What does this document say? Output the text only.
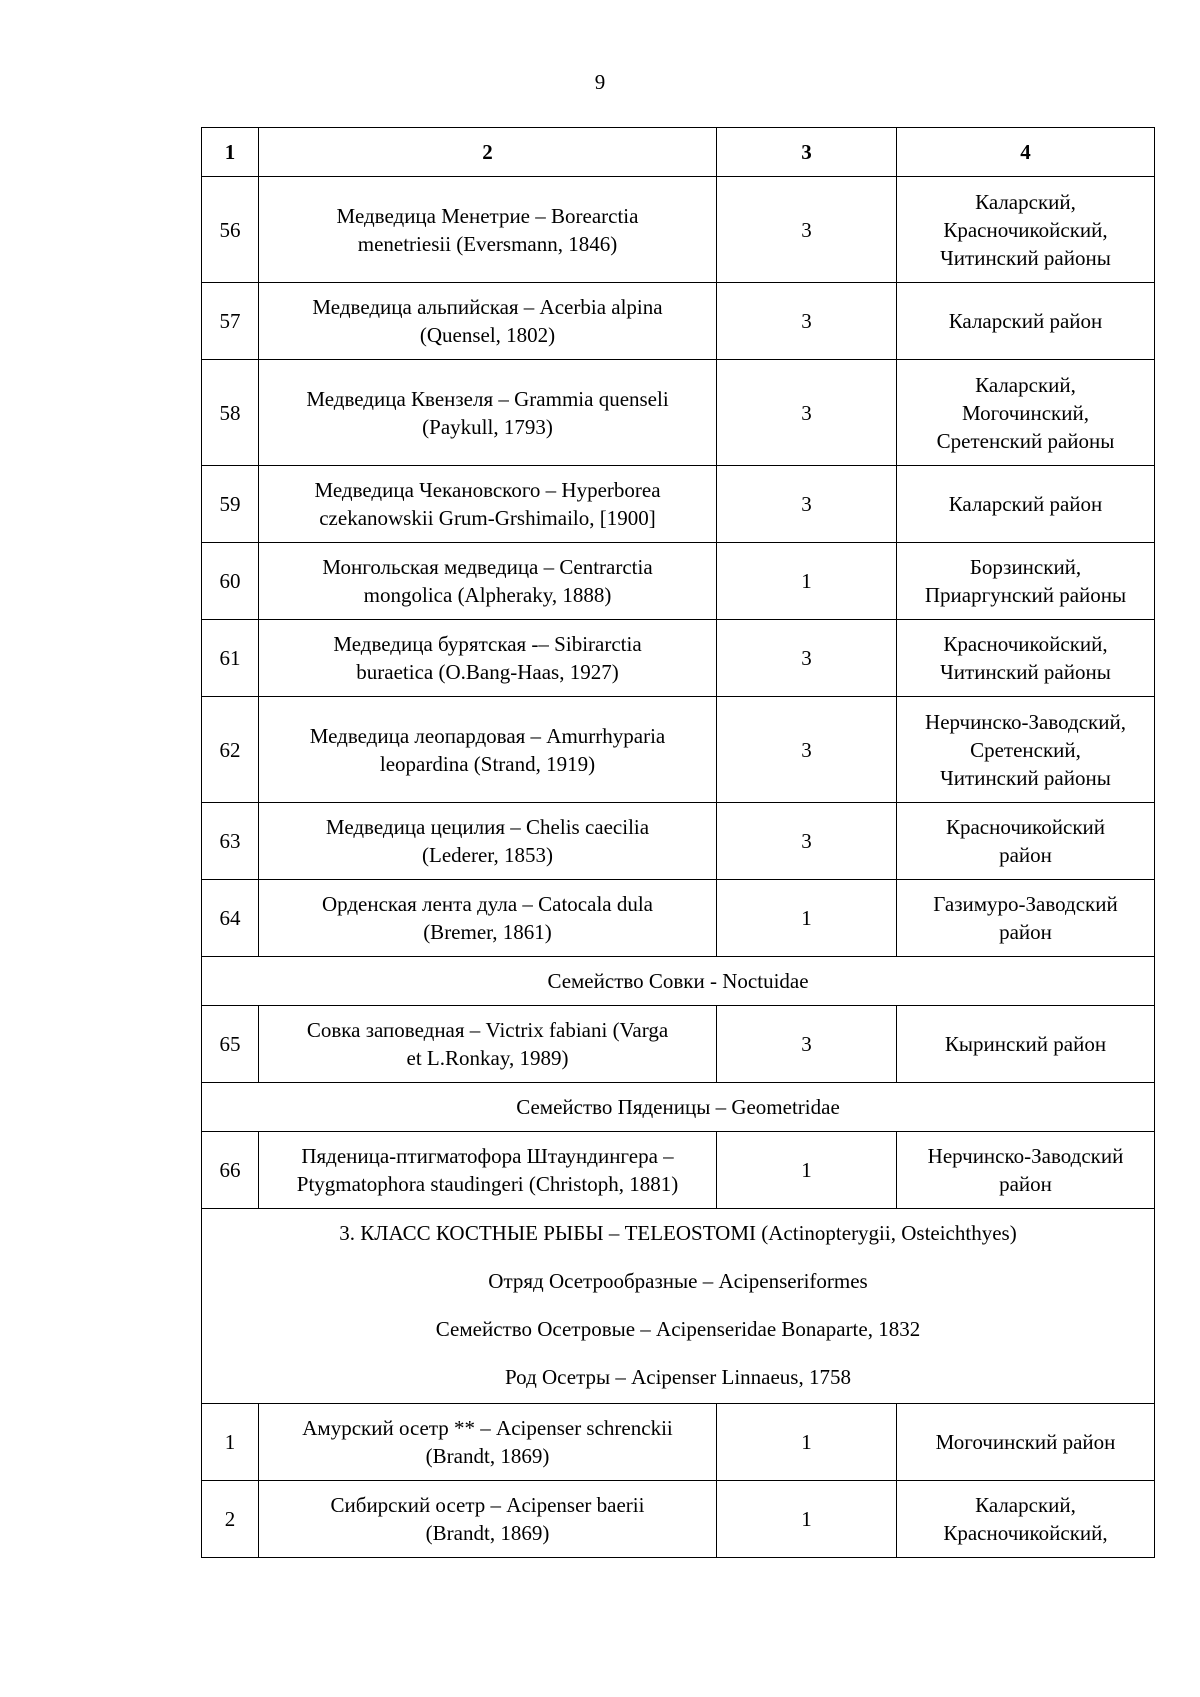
9
1	2	3	4
56	Медведица Менетрие – Borearctia
menetriesii (Eversmann, 1846)	3	Каларский,
Красночикойский,
Читинский районы

57	Медведица альпийская – Acerbia alpina
(Quensel, 1802)	3	Каларский район

58	Медведица Квензеля – Grammia quenseli
(Paykull, 1793)	3	Каларский,
Могочинский,
Сретенский районы

59	Медведица Чекановского – Hyperborea
czekanowskii Grum-Grshimailo, [1900]	3	Каларский район

60	Монгольская медведица – Centrarctia
mongolica (Alpheraky, 1888)	1	Борзинский,
Приаргунский районы

61	Медведица бурятская -– Sibirarctia
buraetica (O.Bang-Haas, 1927)	3	Красночикойский,
Читинский районы

62	Медведица леопардовая – Amurrhyparia
leopardina (Strand, 1919)	3	Нерчинско-Заводский,
Сретенский,
Читинский районы

63	Медведица цецилия – Chelis caecilia
(Lederer, 1853)	3	Красночикойский
район

64	Орденская лента дула – Catocala dula
(Bremer, 1861)	1	Газимуро-Заводский
район

Семейство Совки - Noctuidae			
65	Совка заповедная – Victrix fabiani (Varga
et L.Ronkay, 1989)	3	Кыринский район

Семейство Пяденицы – Geometridae			
66	Пяденица-птигматофора Штаундингера –
Ptygmatophora staudingeri (Christoph, 1881)	1	Нерчинско-Заводский
район

3. КЛАСС КОСТНЫЕ РЫБЫ – TELEOSTOMI (Actinopterygii, Osteichthyes)
Отряд Осетрообразные – Acipenseriformes
Семейство Осетровые – Acipenseridae Bonaparte, 1832
Род Осетры – Acipenser Linnaeus, 1758			

1	Амурский осетр ** – Acipenser schrenckii
(Brandt, 1869)	1	Могочинский район

2	Сибирский осетр – Acipenser baerii
(Brandt, 1869)	1	Каларский,
Красночикойский,
